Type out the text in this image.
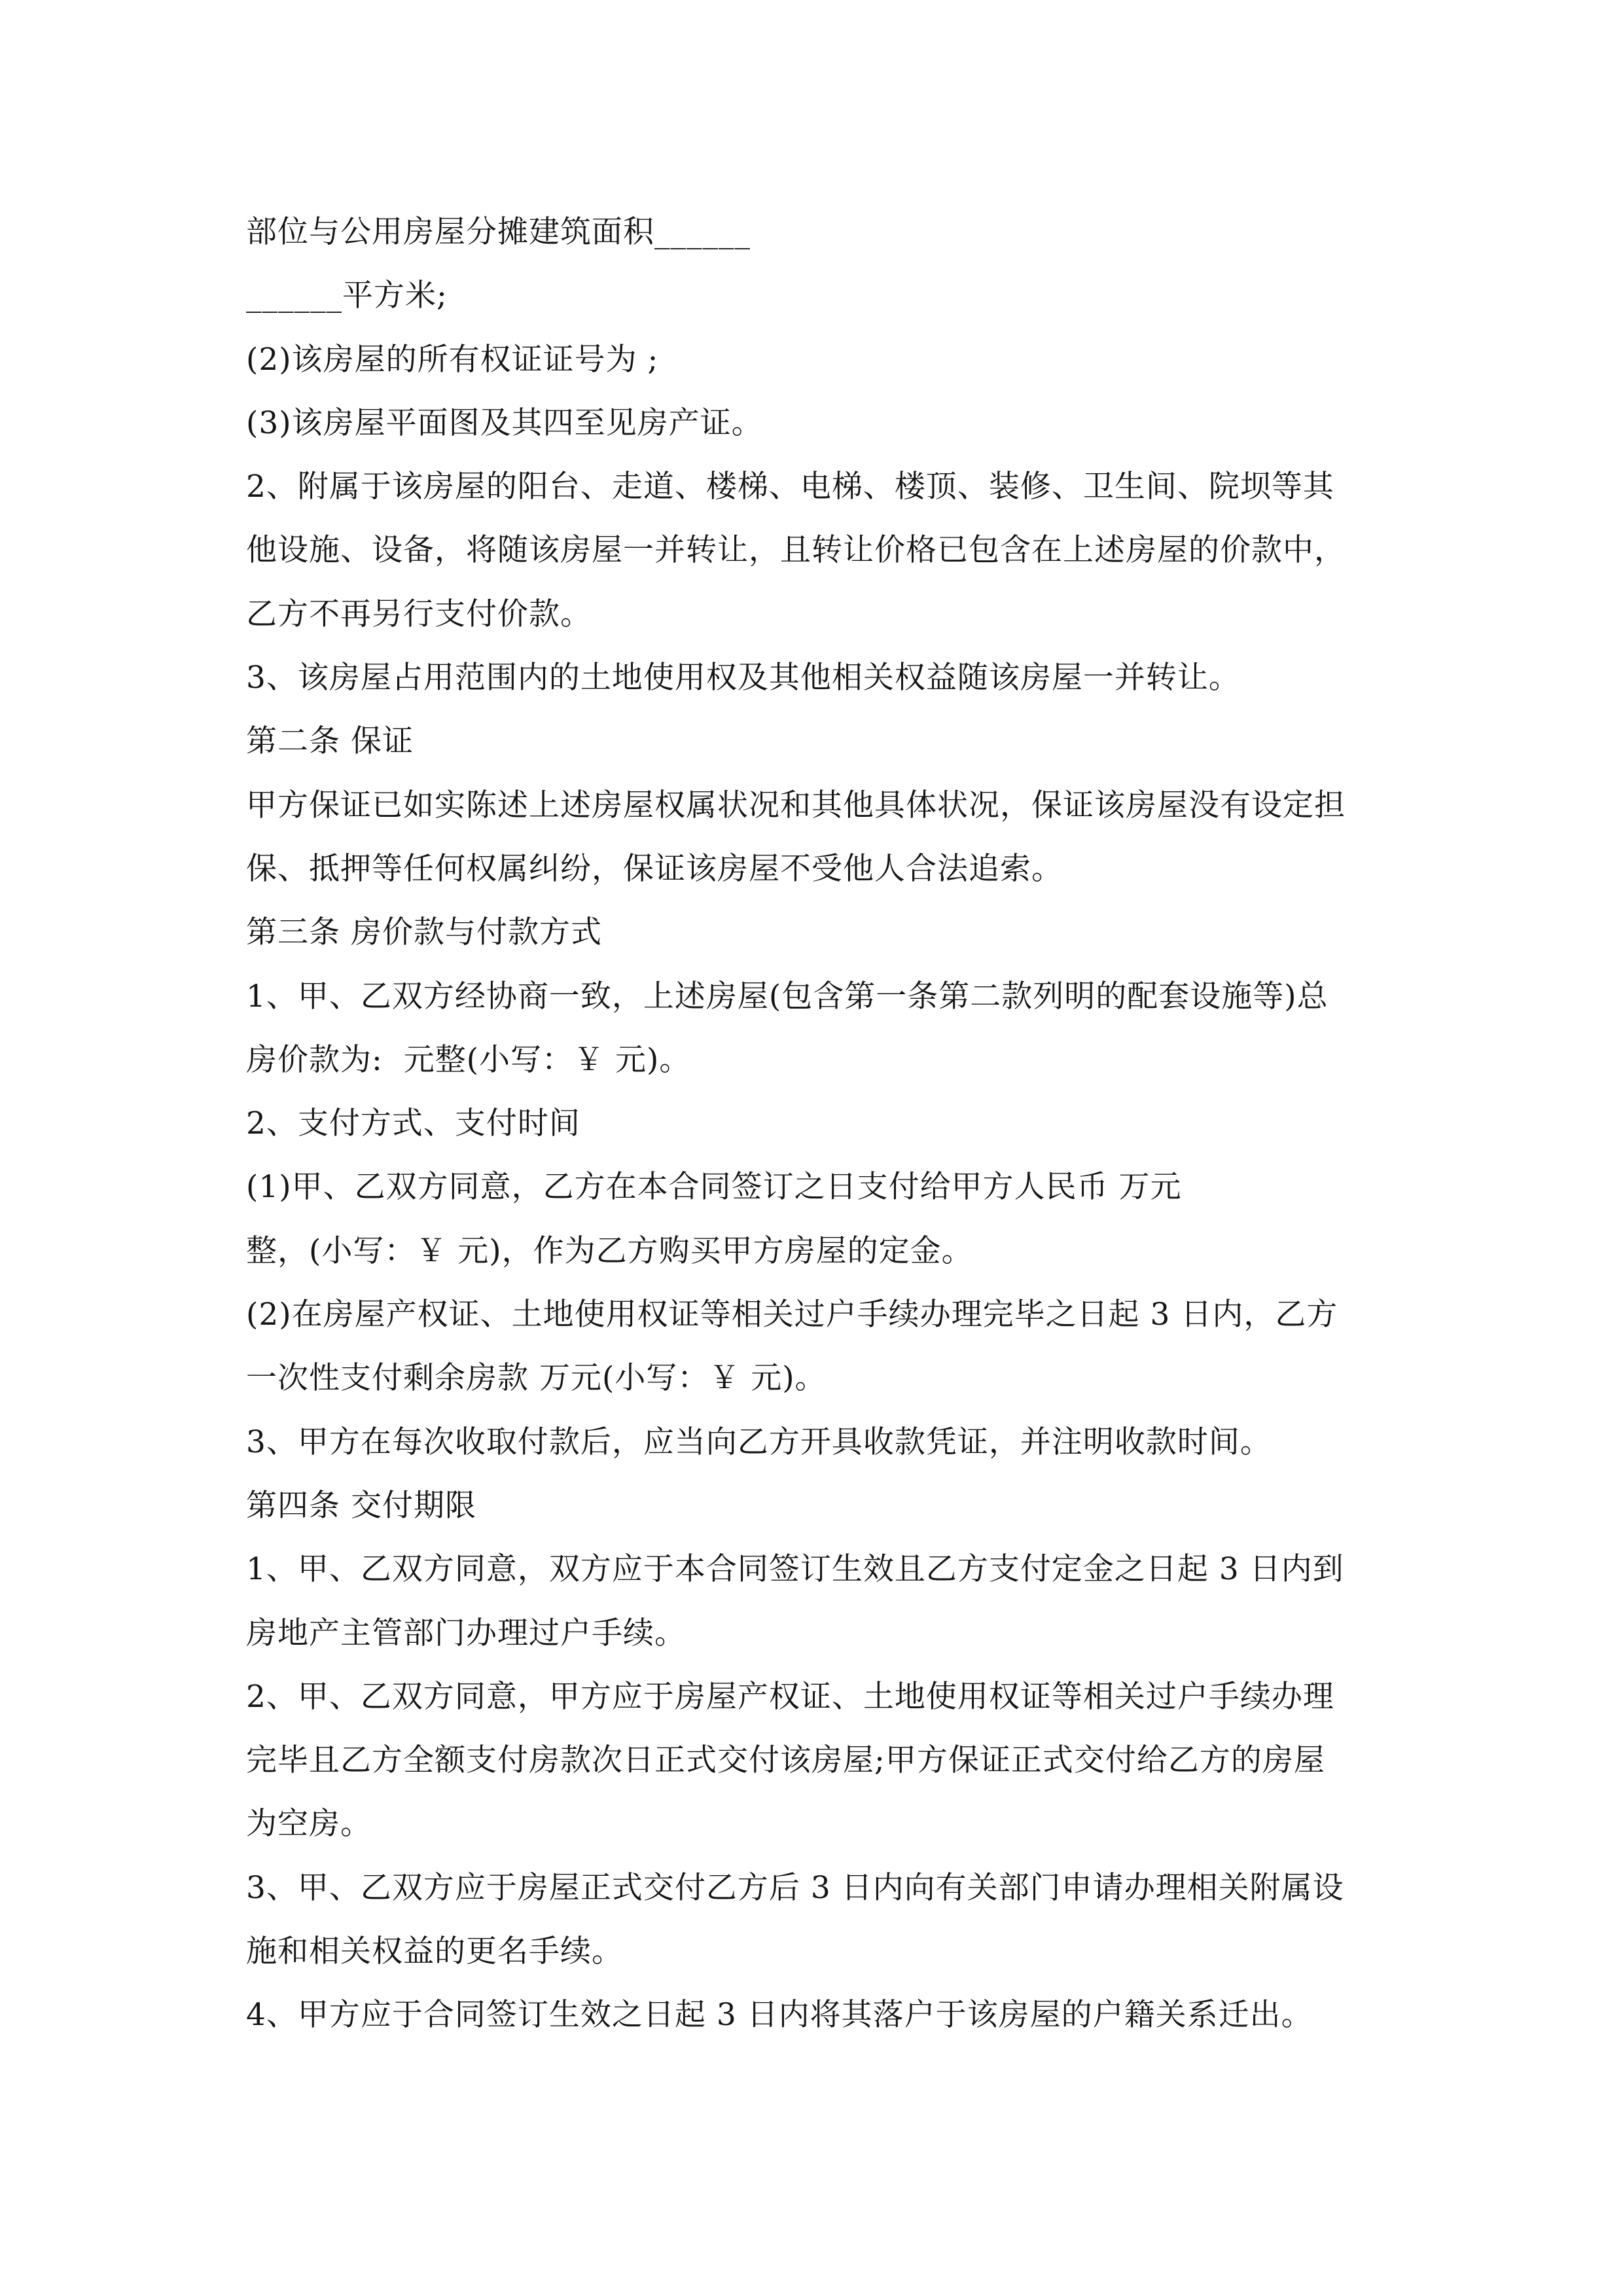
部位与公用房屋分摊建筑面积______
______平方米;
(2)该房屋的所有权证证号为 ;
(3)该房屋平面图及其四至见房产证。
2、附属于该房屋的阳台、走道、楼梯、电梯、楼顶、装修、卫生间、院坝等其
他设施、设备，将随该房屋一并转让，且转让价格已包含在上述房屋的价款中，
乙方不再另行支付价款。
3、该房屋占用范围内的土地使用权及其他相关权益随该房屋一并转让。
第二条 保证
甲方保证已如实陈述上述房屋权属状况和其他具体状况，保证该房屋没有设定担
保、抵押等任何权属纠纷，保证该房屋不受他人合法追索。
第三条 房价款与付款方式
1、甲、乙双方经协商一致，上述房屋(包含第一条第二款列明的配套设施等)总
房价款为:  元整(小写：￥ 元)。
2、支付方式、支付时间
(1)甲、乙双方同意，乙方在本合同签订之日支付给甲方人民币 万元
整，(小写：￥ 元)，作为乙方购买甲方房屋的定金。
(2)在房屋产权证、土地使用权证等相关过户手续办理完毕之日起 3 日内，乙方
一次性支付剩余房款 万元(小写：￥ 元)。
3、甲方在每次收取付款后，应当向乙方开具收款凭证，并注明收款时间。
第四条 交付期限
1、甲、乙双方同意，双方应于本合同签订生效且乙方支付定金之日起 3 日内到
房地产主管部门办理过户手续。
2、甲、乙双方同意，甲方应于房屋产权证、土地使用权证等相关过户手续办理
完毕且乙方全额支付房款次日正式交付该房屋;甲方保证正式交付给乙方的房屋
为空房。
3、甲、乙双方应于房屋正式交付乙方后 3 日内向有关部门申请办理相关附属设
施和相关权益的更名手续。
4、甲方应于合同签订生效之日起 3 日内将其落户于该房屋的户籍关系迁出。
